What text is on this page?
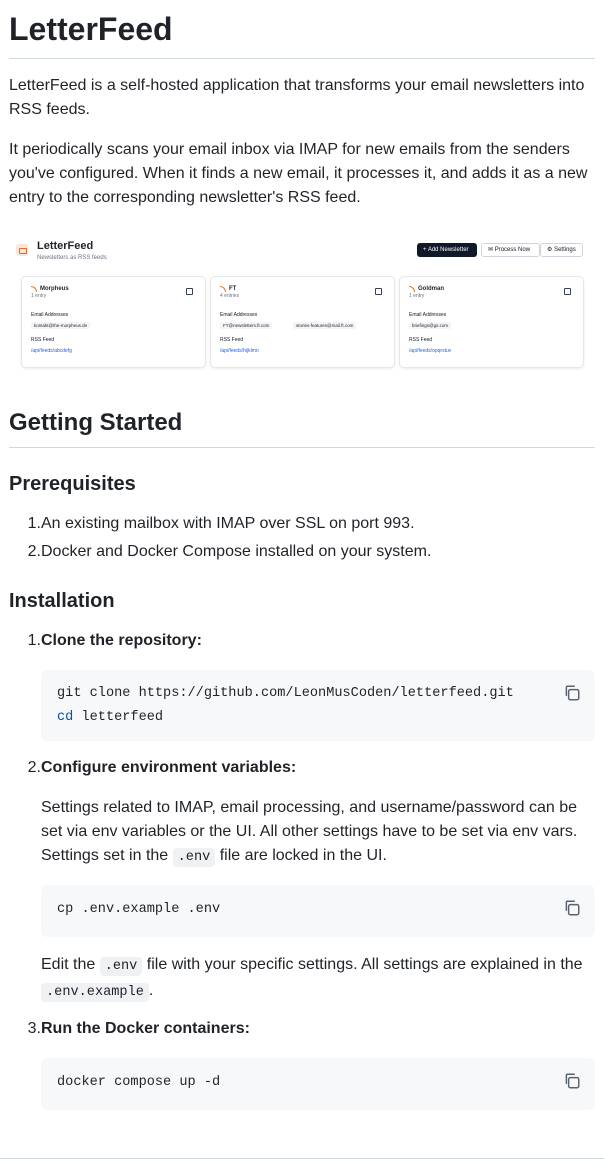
LetterFeed

LetterFeed is a self-hosted application that transforms your email newsletters into RSS feeds.

It periodically scans your email inbox via IMAP for new emails from the senders you've configured. When it finds a new email, it processes it, and adds it as a new entry to the corresponding newsletter's RSS feed.

LetterFeed
Newsletters as RSS feeds
+ Add Newsletter	✉ Process Now	⚙ Settings
Morpheus
1 entry
Email Addresses
kontakt@the-morpheus.de
RSS Feed
/api/feeds/abcdefg
FT
4 entries
Email Addresses
FT@newsletters.ft.com	stories-features@mail.ft.com
RSS Feed
/api/feeds/hijklmn
Goldman
1 entry
Email Addresses
briefings@gs.com
RSS Feed
/api/feeds/opqrstuv
Getting Started
Prerequisites
1. An existing mailbox with IMAP over SSL on port 993.
2. Docker and Docker Compose installed on your system.
Installation
1. Clone the repository:
git clone https://github.com/LeonMusCoden/letterfeed.git
cd letterfeed
2. Configure environment variables:
Settings related to IMAP, email processing, and username/password can be
set via env variables or the UI. All other settings have to be set via env vars.
Settings set in the .env file are locked in the UI.
cp .env.example .env
Edit the .env file with your specific settings. All settings are explained in the
.env.example .
3. Run the Docker containers:
docker compose up -d
